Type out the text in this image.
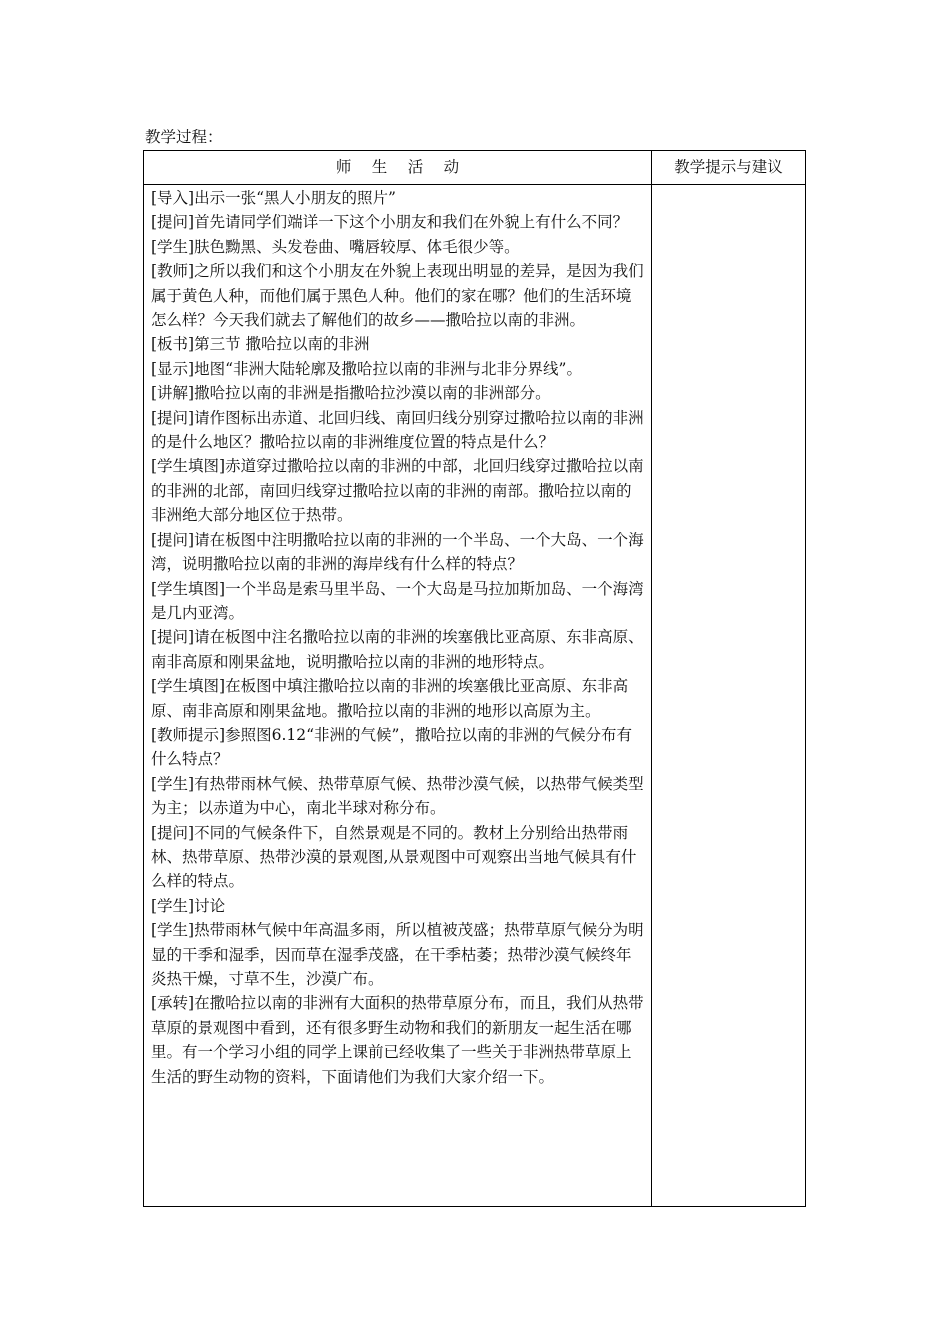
教学过程：
师　 生　 活　 动	教学提示与建议

[导入]出示一张“黑人小朋友的照片”

[提问]首先请同学们端详一下这个小朋友和我们在外貌上有什么不同？

[学生]肤色黝黑、头发卷曲、嘴唇较厚、体毛很少等。

[教师]之所以我们和这个小朋友在外貌上表现出明显的差异，是因为我们属于黄色人种，而他们属于黑色人种。他们的家在哪？他们的生活环境怎么样？今天我们就去了解他们的故乡——撒哈拉以南的非洲。

[板书]第三节 撒哈拉以南的非洲

[显示]地图“非洲大陆轮廓及撒哈拉以南的非洲与北非分界线”。

[讲解]撒哈拉以南的非洲是指撒哈拉沙漠以南的非洲部分。

[提问]请作图标出赤道、北回归线、南回归线分别穿过撒哈拉以南的非洲的是什么地区？撒哈拉以南的非洲维度位置的特点是什么？

[学生填图]赤道穿过撒哈拉以南的非洲的中部，北回归线穿过撒哈拉以南的非洲的北部，南回归线穿过撒哈拉以南的非洲的南部。撒哈拉以南的非洲绝大部分地区位于热带。

[提问]请在板图中注明撒哈拉以南的非洲的一个半岛、一个大岛、一个海湾，说明撒哈拉以南的非洲的海岸线有什么样的特点？

[学生填图]一个半岛是索马里半岛、一个大岛是马拉加斯加岛、一个海湾是几内亚湾。

[提问]请在板图中注名撒哈拉以南的非洲的埃塞俄比亚高原、东非高原、南非高原和刚果盆地，说明撒哈拉以南的非洲的地形特点。

[学生填图]在板图中填注撒哈拉以南的非洲的埃塞俄比亚高原、东非高原、南非高原和刚果盆地。撒哈拉以南的非洲的地形以高原为主。

[教师提示]参照图6.12“非洲的气候”，撒哈拉以南的非洲的气候分布有什么特点？

[学生]有热带雨林气候、热带草原气候、热带沙漠气候，以热带气候类型为主；以赤道为中心，南北半球对称分布。

[提问]不同的气候条件下，自然景观是不同的。教材上分别给出热带雨林、热带草原、热带沙漠的景观图,从景观图中可观察出当地气候具有什么样的特点。

[学生]讨论

[学生]热带雨林气候中年高温多雨，所以植被茂盛；热带草原气候分为明显的干季和湿季，因而草在湿季茂盛，在干季枯萎；热带沙漠气候终年炎热干燥，寸草不生，沙漠广布。

[承转]在撒哈拉以南的非洲有大面积的热带草原分布，而且，我们从热带草原的景观图中看到，还有很多野生动物和我们的新朋友一起生活在哪里。有一个学习小组的同学上课前已经收集了一些关于非洲热带草原上生活的野生动物的资料，下面请他们为我们大家介绍一下。
